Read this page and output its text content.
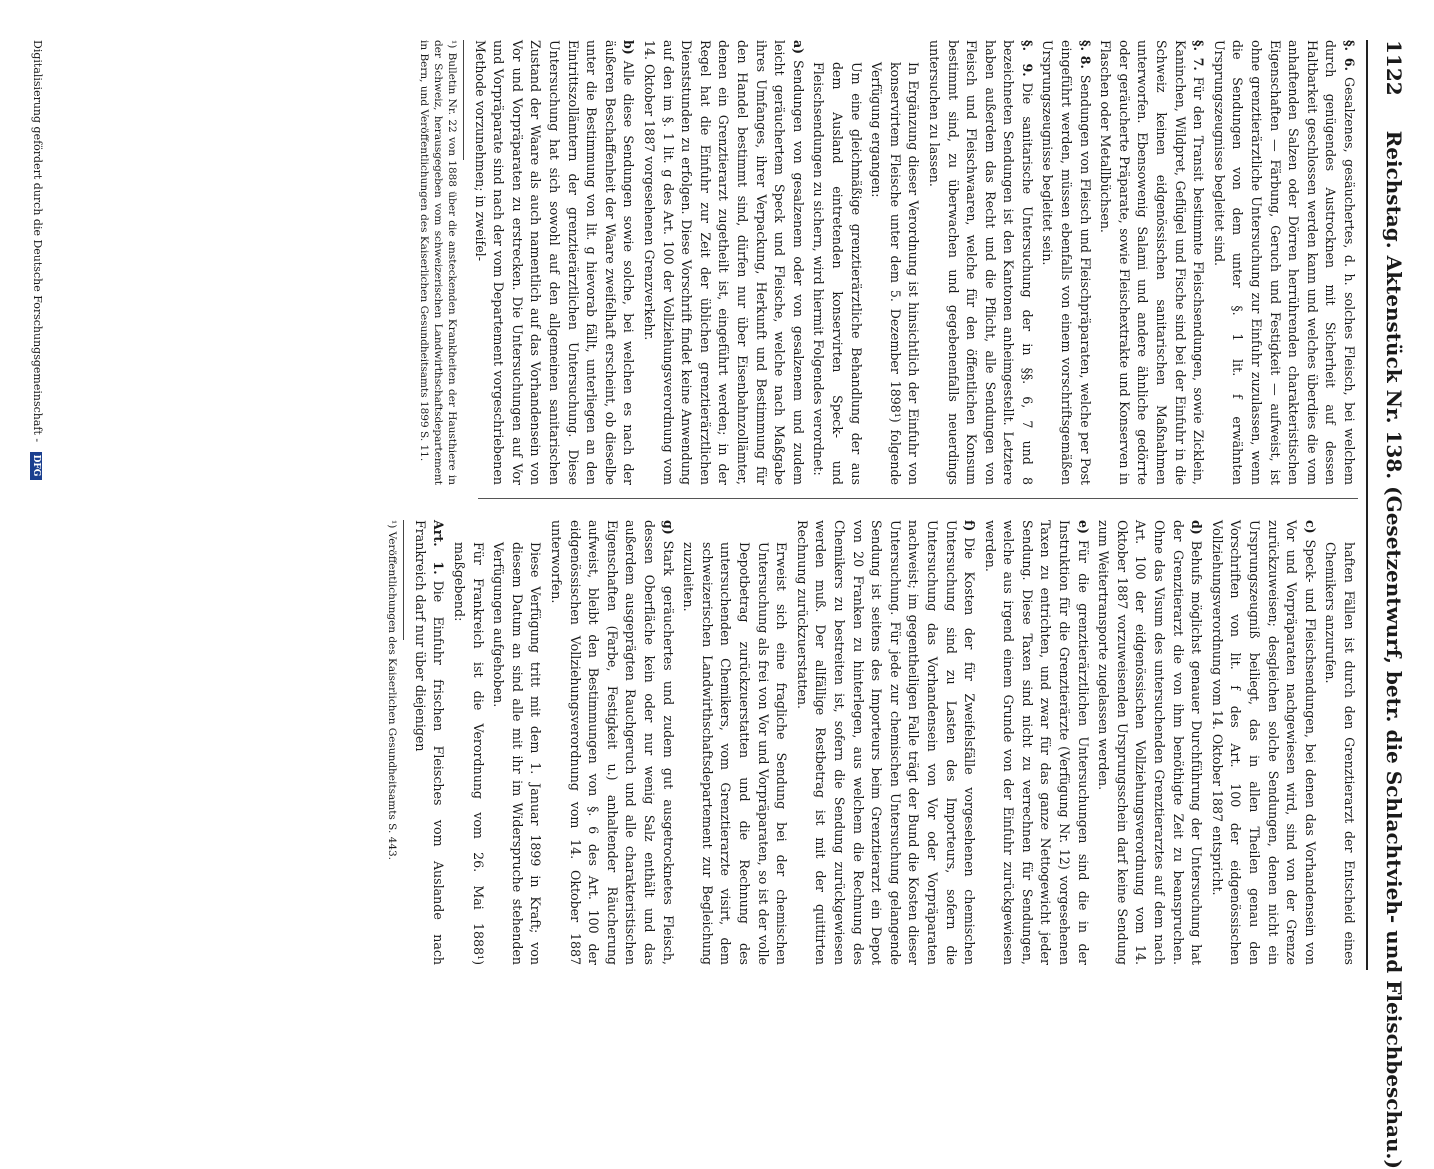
1122 Reichstag. Aktenstück Nr. 138. (Gesetzentwurf, betr. die Schlachtvieh- und Fleischbeschau.)

§. 6.Gesalzenes, gesäuchertes, d. h. solches Fleisch, bei welchem durch genügendes Austrocknen mit Sicherheit auf dessen Haltbarkeit geschlossen werden kann und welches überdies die vom anhaftenden Salzen oder Dörren herrührenden charakteristischen Eigenschaften — Färbung, Geruch und Festigkeit — aufweist, ist ohne grenztierärztliche Untersuchung zur Einfuhr zuzulassen, wenn die Sendungen von dem unter §. 1 lit. f erwähnten Ursprungszeugnisse begleitet sind.

§. 7.Für den Transit bestimmte Fleischsendungen, sowie Zicklein, Kaninchen, Wildpret, Geflügel und Fische sind bei der Einfuhr in die Schweiz keinen eidgenössischen sanitarischen Maßnahmen unterworfen. Ebensowenig Salami und andere ähnliche gedörrte oder geräucherte Präparate, sowie Fleischextrakte und Konserven in Flaschen oder Metallbüchsen.

§. 8.Sendungen von Fleisch und Fleischpräparaten, welche per Post eingeführt werden, müssen ebenfalls von einem vorschriftsgemäßen Ursprungszeugnisse begleitet sein.

§. 9.Die sanitarische Untersuchung der in §§. 6, 7 und 8 bezeichneten Sendungen ist den Kantonen anheimgestellt. Letztere haben außerdem das Recht und die Pflicht, alle Sendungen von Fleisch und Fleischwaaren, welche für den öffentlichen Konsum bestimmt sind, zu überwachen und gegebenenfalls neuerdings untersuchen zu lassen.

In Ergänzung dieser Verordnung ist hinsichtlich der Einfuhr von konservirtem Fleische unter dem 5. Dezember 1898¹) folgende Verfügung ergangen:

Um eine gleichmäßige grenztierärztliche Behandlung der aus dem Ausland eintretenden konservirten Speck- und Fleischsendungen zu sichern, wird hiermit Folgendes verordnet:

a)Sendungen von gesalzenem oder von gesalzenem und zudem leicht geräuchertem Speck und Fleische, welche nach Maßgabe ihres Umfanges, ihrer Verpackung, Herkunft und Bestimmung für den Handel bestimmt sind, dürfen nur über Eisenbahnzollämter, denen ein Grenztierarzt zugetheilt ist, eingeführt werden; in der Regel hat die Einfuhr zur Zeit der üblichen grenztierärztlichen Dienststunden zu erfolgen. Diese Vorschrift findet keine Anwendung auf den im §. 1 lit. g des Art. 100 der Vollziehungsverordnung vom 14. Oktober 1887 vorgesehenen Grenzverkehr.

b)Alle diese Sendungen sowie solche, bei welchen es nach der äußeren Beschaffenheit der Waare zweifelhaft erscheint, ob dieselbe unter die Bestimmung von lit. g hievorab fällt, unterliegen an den Eintrittszollämtern der grenztierärztlichen Untersuchung. Diese Untersuchung hat sich sowohl auf den allgemeinen sanitarischen Zustand der Waare als auch namentlich auf das Vorhandensein von Vor und Vorpräparaten zu erstrecken. Die Untersuchungen auf Vor und Vorpräparate sind nach der vom Departement vorgeschriebenen Methode vorzunehmen; in zweifel-

¹) Bulletin Nr. 22 von 1888 über die ansteckenden Krankheiten der Hausthiere in der Schweiz, herausgegeben vom schweizerischen Landwirthschaftsdepartement in Bern, und Veröffentlichungen des Kaiserlichen Gesundheitsamts 1899 S. 11.

haften Fällen ist durch den Grenztierarzt der Entscheid eines Chemikers anzurufen.

c)Speck- und Fleischsendungen, bei denen das Vorhandensein von Vor und Vorpräparaten nachgewiesen wird, sind von der Grenze zurückzuweisen; desgleichen solche Sendungen, denen nicht ein Ursprungszeugniß beiliegt, das in allen Theilen genau den Vorschriften von lit. f des Art. 100 der eidgenössischen Vollziehungsverordnung vom 14. Oktober 1887 entspricht.

d)Behufs möglichst genauer Durchführung der Untersuchung hat der Grenztierarzt die von ihm benöthigte Zeit zu beanspruchen. Ohne das Visum des untersuchenden Grenztierarztes auf dem nach Art. 100 der eidgenössischen Vollziehungsverordnung vom 14. Oktober 1887 vorzuweisenden Ursprungsschein darf keine Sendung zum Weitertransporte zugelassen werden.

e)Für die grenztierärztlichen Untersuchungen sind die in der Instruktion für die Grenztierärzte (Verfügung Nr. 12) vorgesehenen Taxen zu entrichten, und zwar für das ganze Nettogewicht jeder Sendung. Diese Taxen sind nicht zu verrechnen für Sendungen, welche aus irgend einem Grunde von der Einfuhr zurückgewiesen werden.

f)Die Kosten der für Zweifelsfälle vorgesehenen chemischen Untersuchung sind zu Lasten des Importeurs, sofern die Untersuchung das Vorhandensein von Vor oder Vorpräparaten nachweist; im gegentheiligen Falle trägt der Bund die Kosten dieser Untersuchung. Für jede zur chemischen Untersuchung gelangende Sendung ist seitens des Importeurs beim Grenztierarzt ein Depot von 20 Franken zu hinterlegen, aus welchem die Rechnung des Chemikers zu bestreiten ist, sofern die Sendung zurückgewiesen werden muß. Der allfällige Restbetrag ist mit der quittirten Rechnung zurückzuerstatten.

Erweist sich eine fragliche Sendung bei der chemischen Untersuchung als frei von Vor und Vorpräparaten, so ist der volle Depotbetrag zurückzuerstatten und die Rechnung des untersuchenden Chemikers, vom Grenztierarzte visirt, dem schweizerischen Landwirthschaftsdepartement zur Begleichung zuzuleiten.

g)Stark geräuchertes und zudem gut ausgetrocknetes Fleisch, dessen Oberfläche kein oder nur wenig Salz enthält und das außerdem ausgeprägten Rauchgeruch und alle charakteristischen Eigenschaften (Farbe, Festigkeit u.) anhaltender Räucherung aufweist, bleibt den Bestimmungen von §. 6 des Art. 100 der eidgenössischen Vollziehungsverordnung vom 14. Oktober 1887 unterworfen.

Diese Verfügung tritt mit dem 1. Januar 1899 in Kraft; von diesem Datum an sind alle mit ihr im Widerspruche stehenden Verfügungen aufgehoben.

Für Frankreich ist die Verordnung vom 26. Mai 1888¹) maßgebend:

Art. 1.Die Einfuhr frischen Fleisches vom Auslande nach Frankreich darf nur über diejenigen

¹) Veröffentlichungen des Kaiserlichen Gesundheitsamts S. 443.
Digitalisierung gefördert durch die Deutsche Forschungsgemeinschaft - DFG
